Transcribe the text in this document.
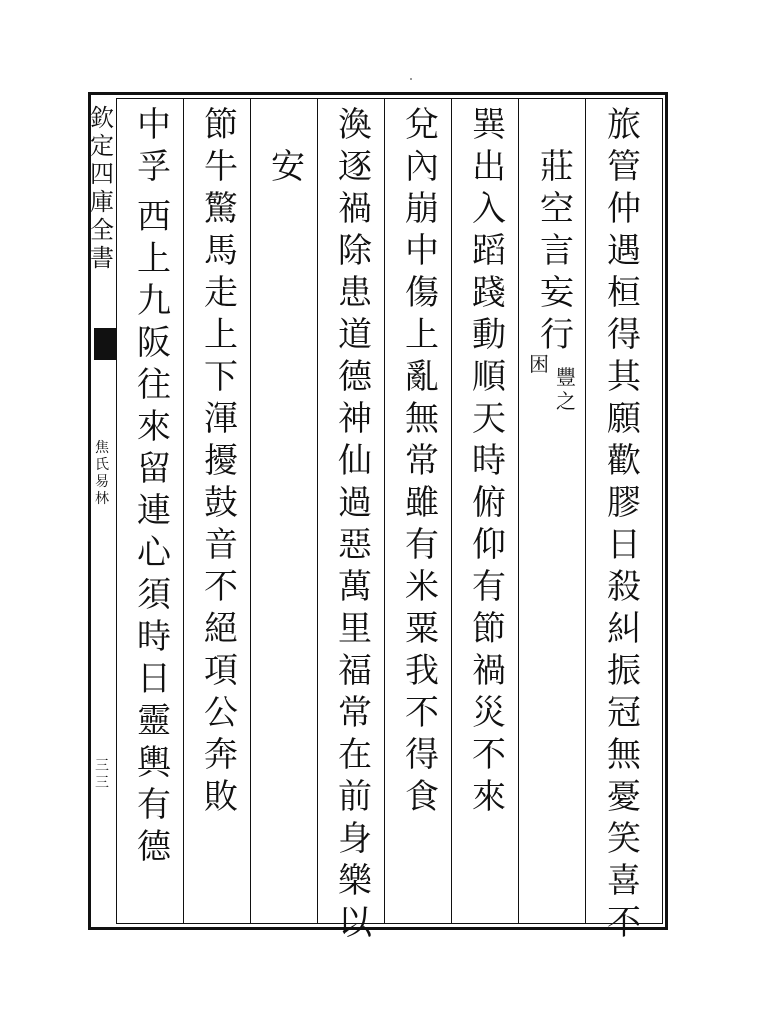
欽
定
四
庫
全
書
焦
氏
易
林
三
三
旅
管
仲
遇
桓
得
其
願
歡
膠
日
殺
糾
振
冠
無
憂
笑
喜
不
莊
空
言
妄
行
豐
之
困
巽
出
入
蹈
踐
動
順
天
時
俯
仰
有
節
禍
災
不
來
兌
內
崩
中
傷
上
亂
無
常
雖
有
米
粟
我
不
得
食
渙
逐
禍
除
患
道
德
神
仙
過
惡
萬
里
福
常
在
前
身
樂
以
安
節
牛
驚
馬
走
上
下
渾
擾
鼓
音
不
絕
項
公
奔
敗
中
孚
西
上
九
阪
往
來
留
連
心
須
時
日
靈
輿
有
德
